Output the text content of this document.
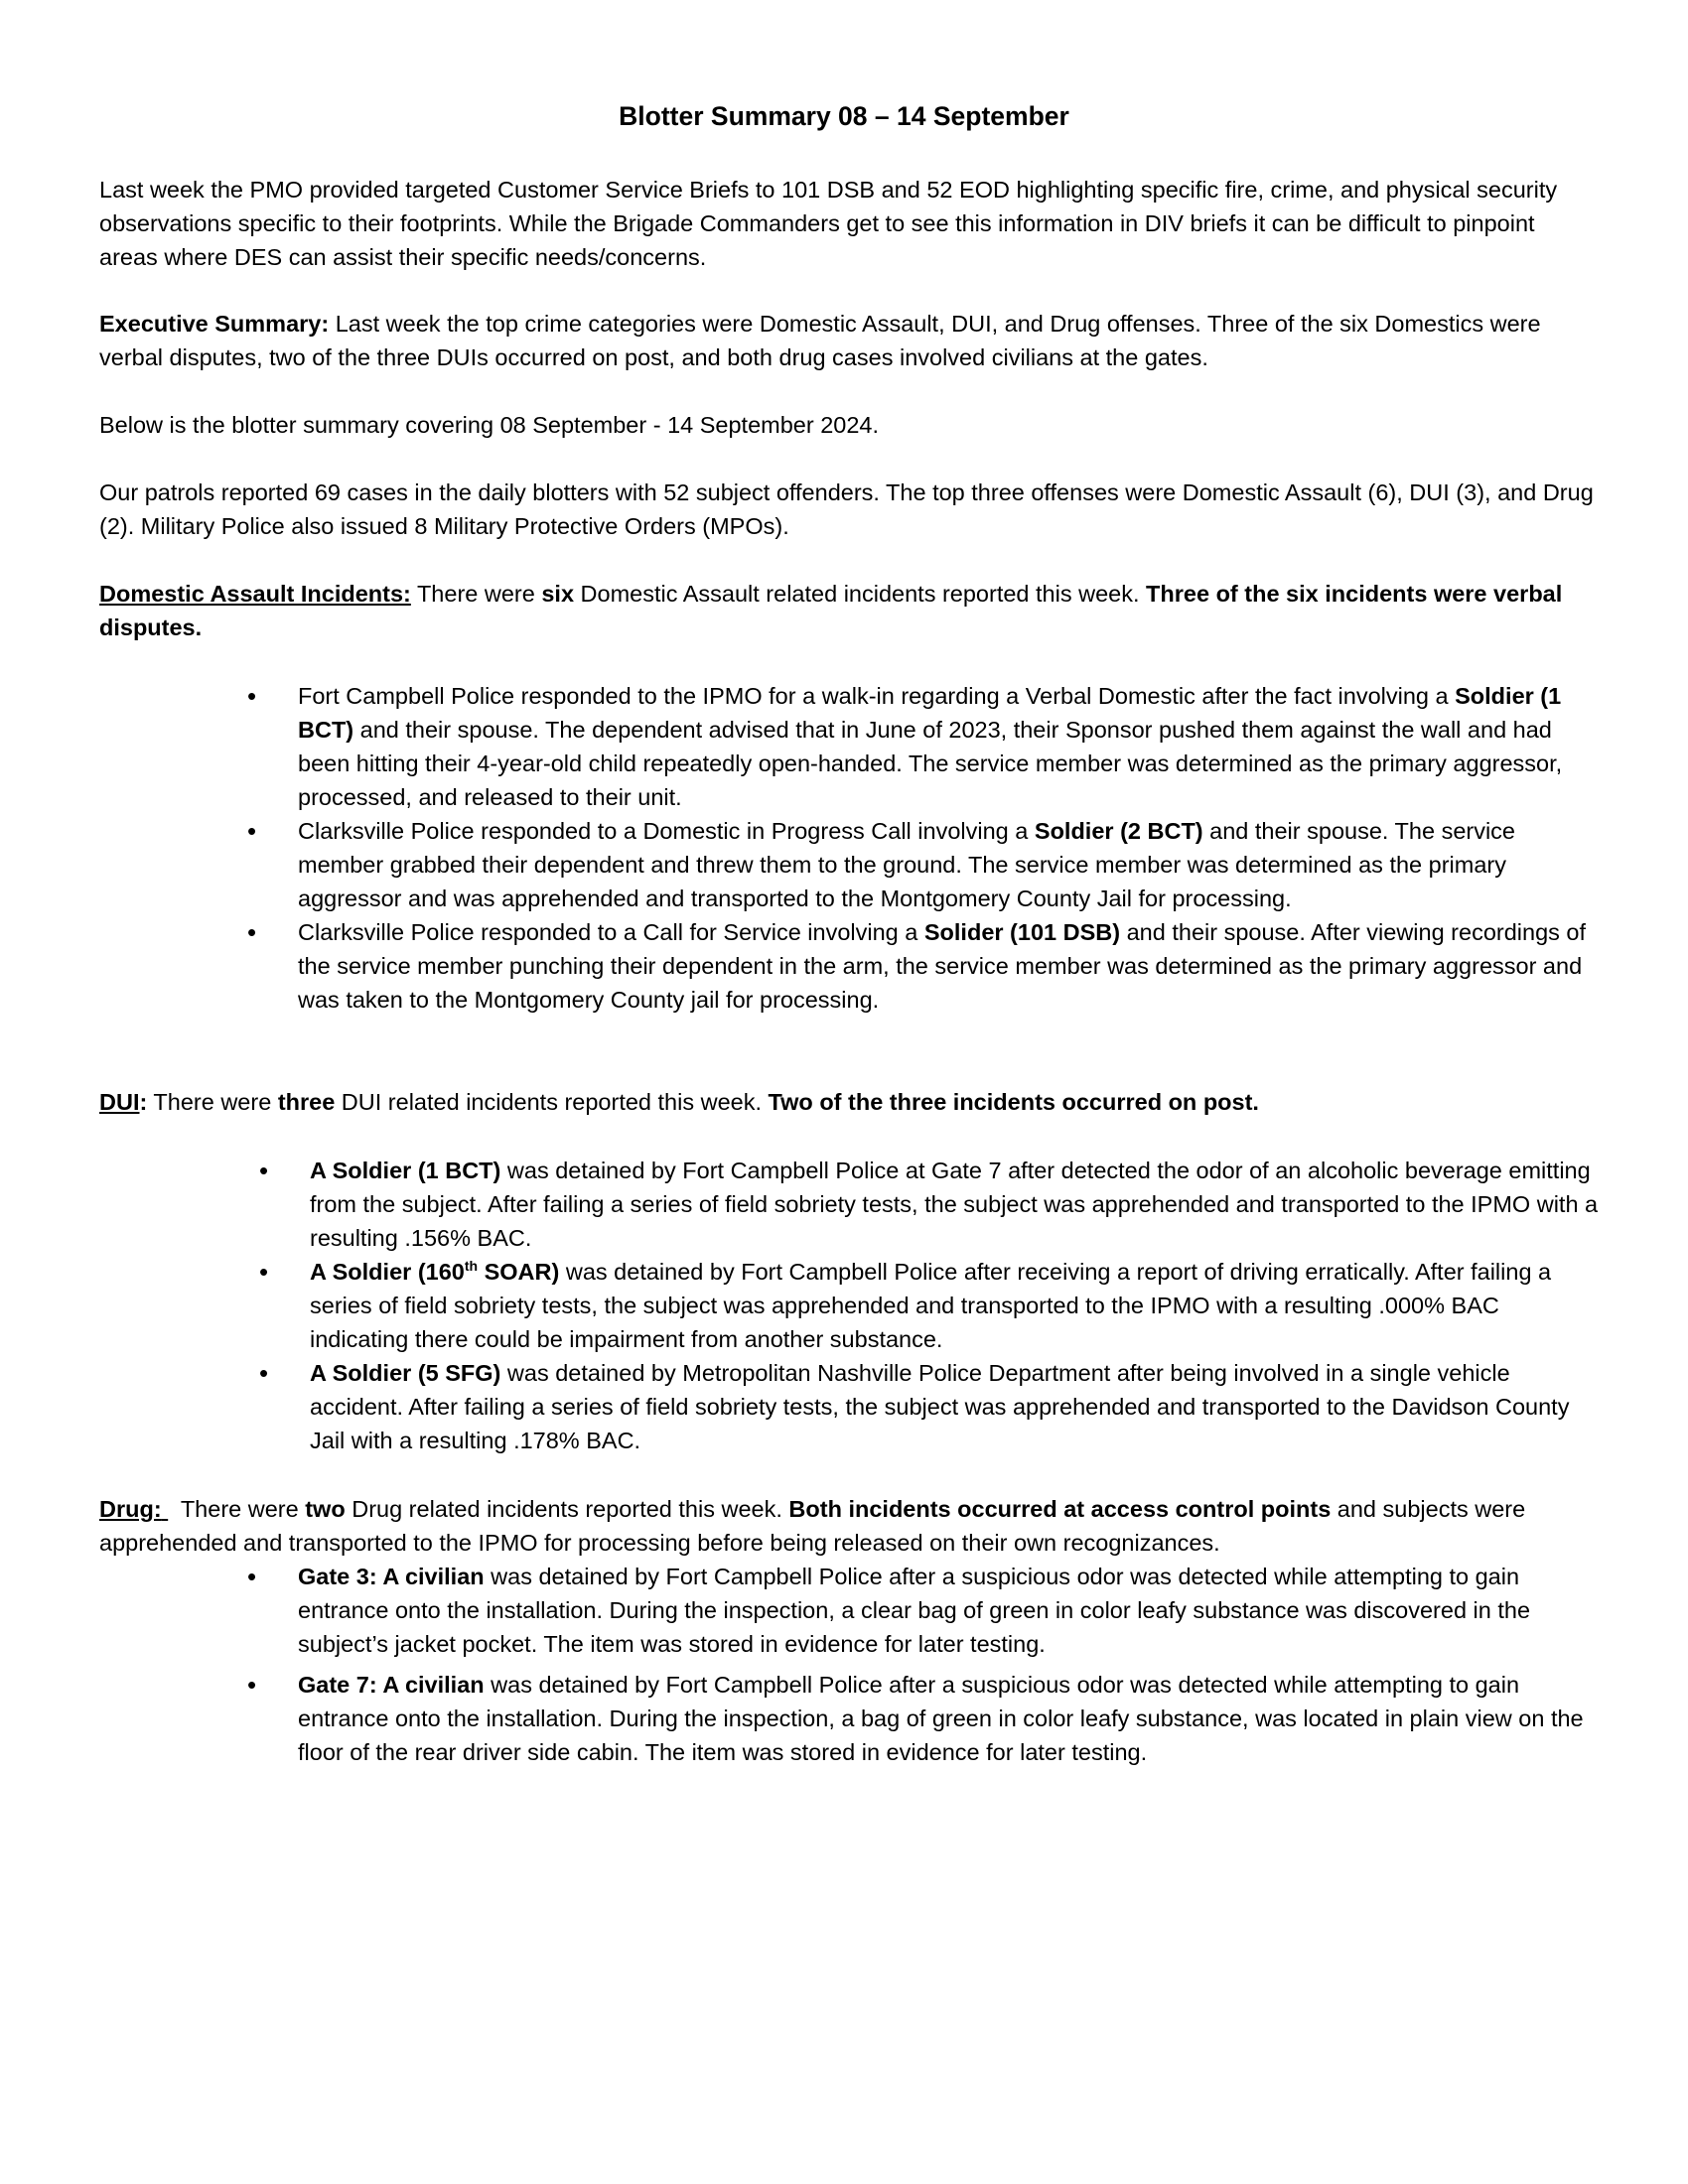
Blotter Summary 08 – 14 September
Last week the PMO provided targeted Customer Service Briefs to 101 DSB and 52 EOD highlighting specific fire, crime, and physical security observations specific to their footprints. While the Brigade Commanders get to see this information in DIV briefs it can be difficult to pinpoint areas where DES can assist their specific needs/concerns.
Executive Summary: Last week the top crime categories were Domestic Assault, DUI, and Drug offenses. Three of the six Domestics were verbal disputes, two of the three DUIs occurred on post, and both drug cases involved civilians at the gates.
Below is the blotter summary covering 08 September - 14 September 2024.
Our patrols reported 69 cases in the daily blotters with 52 subject offenders. The top three offenses were Domestic Assault (6), DUI (3), and Drug (2). Military Police also issued 8 Military Protective Orders (MPOs).
Domestic Assault Incidents: There were six Domestic Assault related incidents reported this week. Three of the six incidents were verbal disputes.
• Fort Campbell Police responded to the IPMO for a walk-in regarding a Verbal Domestic after the fact involving a Soldier (1 BCT) and their spouse. The dependent advised that in June of 2023, their Sponsor pushed them against the wall and had been hitting their 4-year-old child repeatedly open-handed. The service member was determined as the primary aggressor, processed, and released to their unit.
• Clarksville Police responded to a Domestic in Progress Call involving a Soldier (2 BCT) and their spouse. The service member grabbed their dependent and threw them to the ground. The service member was determined as the primary aggressor and was apprehended and transported to the Montgomery County Jail for processing.
• Clarksville Police responded to a Call for Service involving a Solider (101 DSB) and their spouse. After viewing recordings of the service member punching their dependent in the arm, the service member was determined as the primary aggressor and was taken to the Montgomery County jail for processing.
DUI: There were three DUI related incidents reported this week. Two of the three incidents occurred on post.
• A Soldier (1 BCT) was detained by Fort Campbell Police at Gate 7 after detected the odor of an alcoholic beverage emitting from the subject. After failing a series of field sobriety tests, the subject was apprehended and transported to the IPMO with a resulting .156% BAC.
• A Soldier (160th SOAR) was detained by Fort Campbell Police after receiving a report of driving erratically. After failing a series of field sobriety tests, the subject was apprehended and transported to the IPMO with a resulting .000% BAC indicating there could be impairment from another substance.
• A Soldier (5 SFG) was detained by Metropolitan Nashville Police Department after being involved in a single vehicle accident. After failing a series of field sobriety tests, the subject was apprehended and transported to the Davidson County Jail with a resulting .178% BAC.
Drug:   There were two Drug related incidents reported this week. Both incidents occurred at access control points and subjects were apprehended and transported to the IPMO for processing before being released on their own recognizances.
• Gate 3: A civilian was detained by Fort Campbell Police after a suspicious odor was detected while attempting to gain entrance onto the installation. During the inspection, a clear bag of green in color leafy substance was discovered in the subject’s jacket pocket. The item was stored in evidence for later testing.
• Gate 7: A civilian was detained by Fort Campbell Police after a suspicious odor was detected while attempting to gain entrance onto the installation. During the inspection, a bag of green in color leafy substance, was located in plain view on the floor of the rear driver side cabin. The item was stored in evidence for later testing.
